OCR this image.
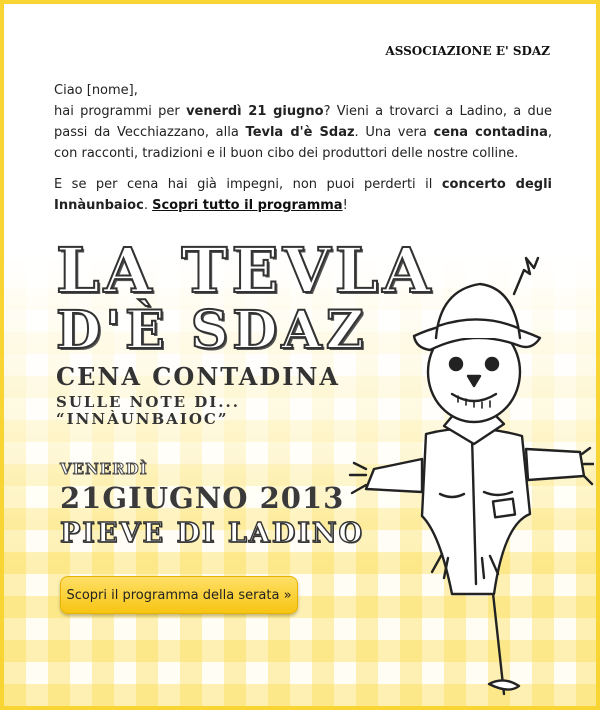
ASSOCIAZIONE E' SDAZ

Ciao [nome],

hai programmi per venerdì 21 giugno? Vieni a trovarci a Ladino, a due passi da Vecchiazzano, alla Tevla d'è Sdaz. Una vera cena contadina, con racconti, tradizioni e il buon cibo dei produttori delle nostre colline.

E se per cena hai già impegni, non puoi perderti il concerto degli Innàunbaioc. Scopri tutto il programma!

LA TEVLA
D'È SDAZ
CENA CONTADINA
SULLE NOTE DI...
“INNÀUNBAIOC”
VENERDÌ
21GIUGNO 2013
PIEVE DI LADINO
Scopri il programma della serata »
